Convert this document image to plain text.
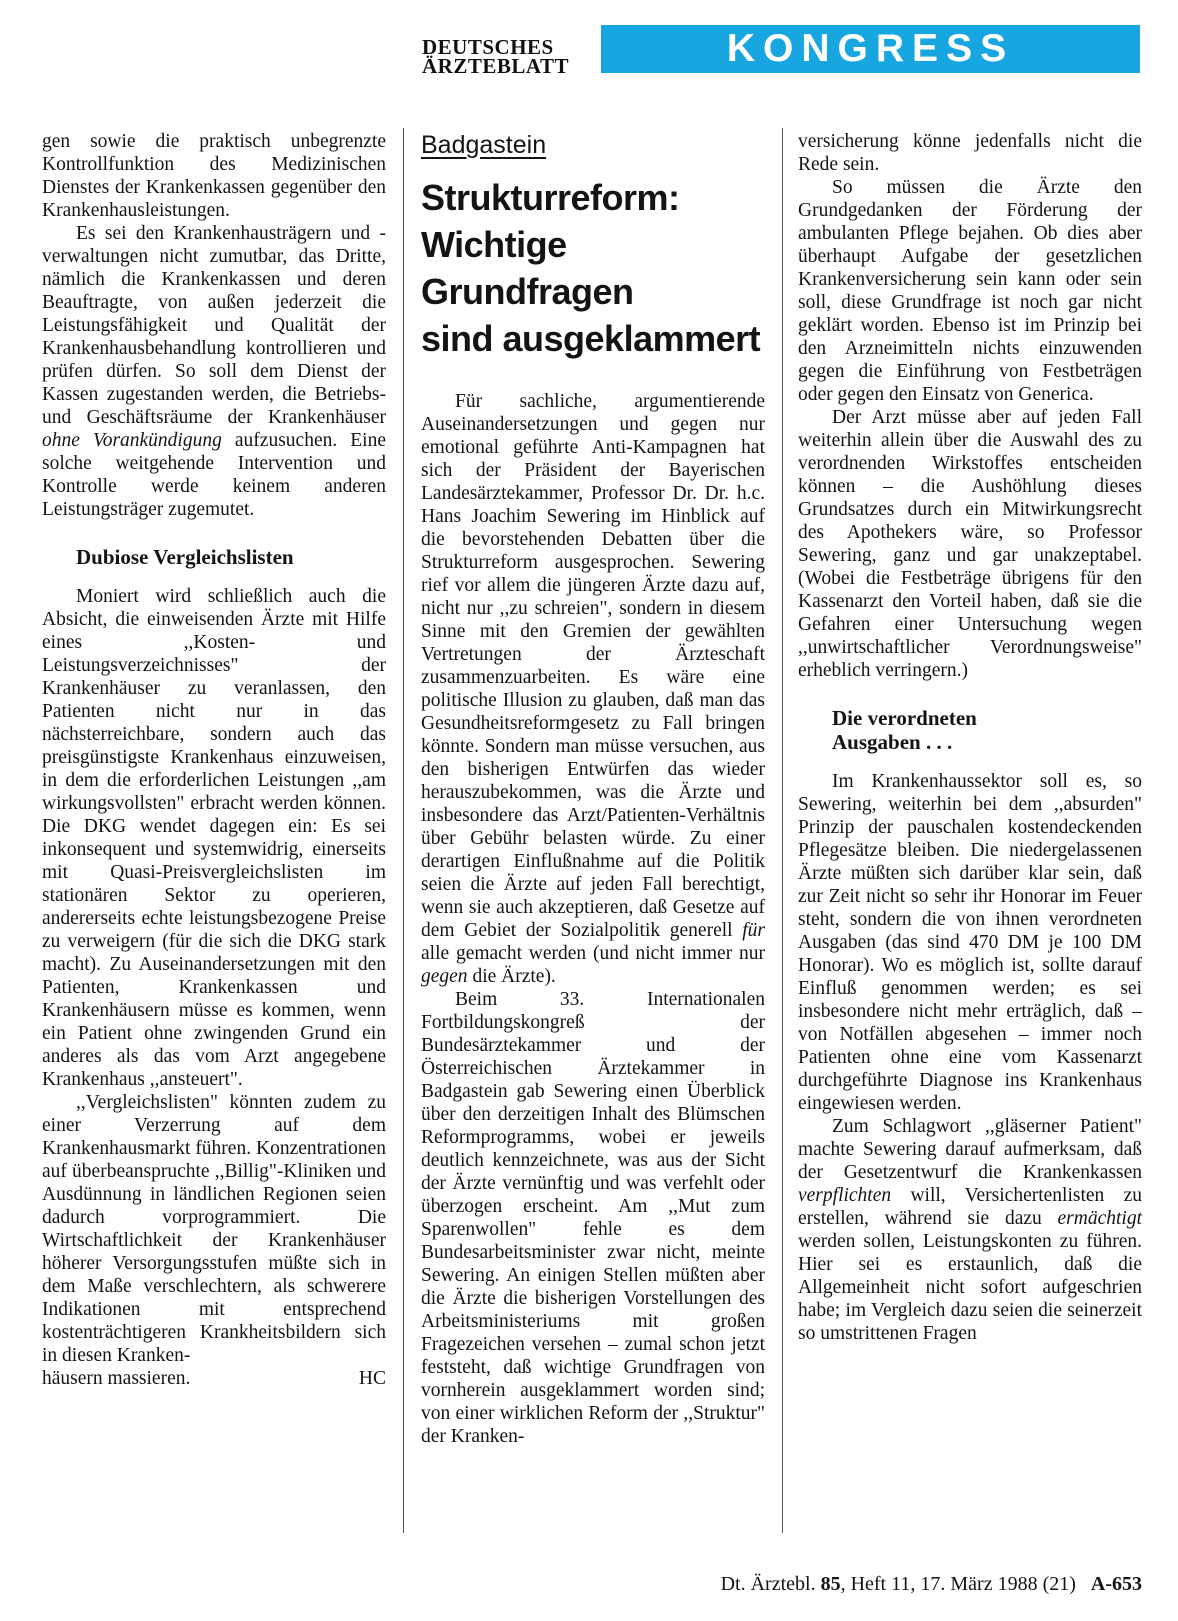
DEUTSCHES
ÄRZTEBLATT	KONGRESS AKTUELL

gen sowie die praktisch unbegrenzte Kontrollfunktion des Medizinischen Dienstes der Krankenkassen gegenüber den Krankenhausleistungen.

Es sei den Krankenhausträgern und -verwaltungen nicht zumutbar, das Dritte, nämlich die Krankenkassen und deren Beauftragte, von außen jederzeit die Leistungsfähigkeit und Qualität der Krankenhausbehandlung kontrollieren und prüfen dürfen. So soll dem Dienst der Kassen zugestanden werden, die Betriebs- und Geschäftsräume der Krankenhäuser ohne Vorankündigung aufzusuchen. Eine solche weitgehende Intervention und Kontrolle werde keinem anderen Leistungsträger zugemutet.

Dubiose Vergleichslisten

Moniert wird schließlich auch die Absicht, die einweisenden Ärzte mit Hilfe eines ,,Kosten- und Leistungsverzeichnisses" der Krankenhäuser zu veranlassen, den Patienten nicht nur in das nächsterreichbare, sondern auch das preisgünstigste Krankenhaus einzuweisen, in dem die erforderlichen Leistungen ,,am wirkungsvollsten" erbracht werden können. Die DKG wendet dagegen ein: Es sei inkonsequent und systemwidrig, einerseits mit Quasi-Preisvergleichslisten im stationären Sektor zu operieren, andererseits echte leistungsbezogene Preise zu verweigern (für die sich die DKG stark macht). Zu Auseinandersetzungen mit den Patienten, Krankenkassen und Krankenhäusern müsse es kommen, wenn ein Patient ohne zwingenden Grund ein anderes als das vom Arzt angegebene Krankenhaus ,,ansteuert".

,,Vergleichslisten" könnten zudem zu einer Verzerrung auf dem Krankenhausmarkt führen. Konzentrationen auf überbeanspruchte ,,Billig"-Kliniken und Ausdünnung in ländlichen Regionen seien dadurch vorprogrammiert. Die Wirtschaftlichkeit der Krankenhäuser höherer Versorgungsstufen müßte sich in dem Maße verschlechtern, als schwerere Indikationen mit entsprechend kostenträchtigeren Krankheitsbildern sich in diesen Kranken-

häusern massieren.	HC

Badgastein

Strukturreform:
Wichtige Grundfragen
sind ausgeklammert

Für sachliche, argumentierende Auseinandersetzungen und gegen nur emotional geführte Anti-Kampagnen hat sich der Präsident der Bayerischen Landesärztekammer, Professor Dr. Dr. h.c. Hans Joachim Sewering im Hinblick auf die bevorstehenden Debatten über die Strukturreform ausgesprochen. Sewering rief vor allem die jüngeren Ärzte dazu auf, nicht nur ,,zu schreien", sondern in diesem Sinne mit den Gremien der gewählten Vertretungen der Ärzteschaft zusammenzuarbeiten. Es wäre eine politische Illusion zu glauben, daß man das Gesundheitsreformgesetz zu Fall bringen könnte. Sondern man müsse versuchen, aus den bisherigen Entwürfen das wieder herauszubekommen, was die Ärzte und insbesondere das Arzt/Patienten-Verhältnis über Gebühr belasten würde. Zu einer derartigen Einflußnahme auf die Politik seien die Ärzte auf jeden Fall berechtigt, wenn sie auch akzeptieren, daß Gesetze auf dem Gebiet der Sozialpolitik generell für alle gemacht werden (und nicht immer nur gegen die Ärzte).

Beim 33. Internationalen Fortbildungskongreß der Bundesärztekammer und der Österreichischen Ärztekammer in Badgastein gab Sewering einen Überblick über den derzeitigen Inhalt des Blümschen Reformprogramms, wobei er jeweils deutlich kennzeichnete, was aus der Sicht der Ärzte vernünftig und was verfehlt oder überzogen erscheint. Am ,,Mut zum Sparenwollen" fehle es dem Bundesarbeitsminister zwar nicht, meinte Sewering. An einigen Stellen müßten aber die Ärzte die bisherigen Vorstellungen des Arbeitsministeriums mit großen Fragezeichen versehen – zumal schon jetzt feststeht, daß wichtige Grundfragen von vornherein ausgeklammert worden sind; von einer wirklichen Reform der ,,Struktur" der Kranken-

versicherung könne jedenfalls nicht die Rede sein.

So müssen die Ärzte den Grundgedanken der Förderung der ambulanten Pflege bejahen. Ob dies aber überhaupt Aufgabe der gesetzlichen Krankenversicherung sein kann oder sein soll, diese Grundfrage ist noch gar nicht geklärt worden. Ebenso ist im Prinzip bei den Arzneimitteln nichts einzuwenden gegen die Einführung von Festbeträgen oder gegen den Einsatz von Generica.

Der Arzt müsse aber auf jeden Fall weiterhin allein über die Auswahl des zu verordnenden Wirkstoffes entscheiden können – die Aushöhlung dieses Grundsatzes durch ein Mitwirkungsrecht des Apothekers wäre, so Professor Sewering, ganz und gar unakzeptabel. (Wobei die Festbeträge übrigens für den Kassenarzt den Vorteil haben, daß sie die Gefahren einer Untersuchung wegen ,,unwirtschaftlicher Verordnungsweise" erheblich verringern.)

Die verordneten
Ausgaben . . .

Im Krankenhaussektor soll es, so Sewering, weiterhin bei dem ,,absurden" Prinzip der pauschalen kostendeckenden Pflegesätze bleiben. Die niedergelassenen Ärzte müßten sich darüber klar sein, daß zur Zeit nicht so sehr ihr Honorar im Feuer steht, sondern die von ihnen verordneten Ausgaben (das sind 470 DM je 100 DM Honorar). Wo es möglich ist, sollte darauf Einfluß genommen werden; es sei insbesondere nicht mehr erträglich, daß – von Notfällen abgesehen – immer noch Patienten ohne eine vom Kassenarzt durchgeführte Diagnose ins Krankenhaus eingewiesen werden.

Zum Schlagwort ,,gläserner Patient" machte Sewering darauf aufmerksam, daß der Gesetzentwurf die Krankenkassen verpflichten will, Versichertenlisten zu erstellen, während sie dazu ermächtigt werden sollen, Leistungskonten zu führen. Hier sei es erstaunlich, daß die Allgemeinheit nicht sofort aufgeschrien habe; im Vergleich dazu seien die seinerzeit so umstrittenen Fragen

Dt. Ärztebl. 85, Heft 11, 17. März 1988 (21) A-653
